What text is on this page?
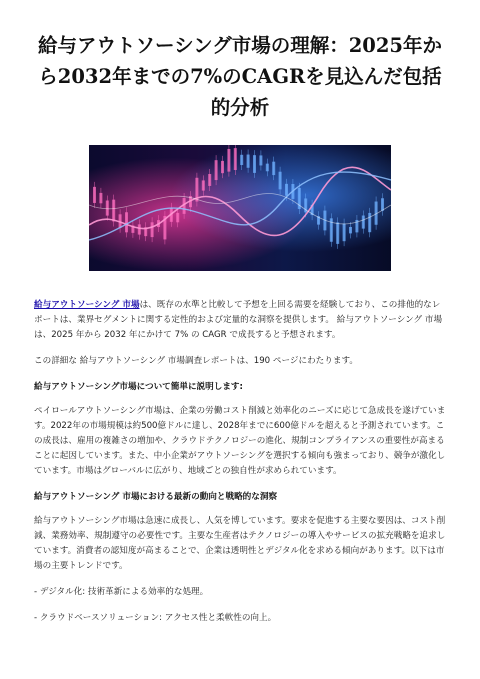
給与アウトソーシング市場の理解：2025年から2032年までの7%のCAGRを見込んだ包括的分析

給与アウトソーシング 市場は、既存の水準と比較して予想を上回る需要を経験しており、この排他的なレポートは、業界セグメントに関する定性的および定量的な洞察を提供します。 給与アウトソーシング 市場は、2025 年から 2032 年にかけて 7% の CAGR で成長すると予想されます。

この詳細な 給与アウトソーシング 市場調査レポートは、190 ページにわたります。

給与アウトソーシング市場について簡単に説明します:

ペイロールアウトソーシング市場は、企業の労働コスト削減と効率化のニーズに応じて急成長を遂げています。2022年の市場規模は約500億ドルに達し、2028年までに600億ドルを超えると予測されています。この成長は、雇用の複雑さの増加や、クラウドテクノロジーの進化、規制コンプライアンスの重要性が高まることに起因しています。また、中小企業がアウトソーシングを選択する傾向も強まっており、競争が激化しています。市場はグローバルに広がり、地域ごとの独自性が求められています。

給与アウトソーシング 市場における最新の動向と戦略的な洞察

給与アウトソーシング市場は急速に成長し、人気を博しています。要求を促進する主要な要因は、コスト削減、業務効率、規制遵守の必要性です。主要な生産者はテクノロジーの導入やサービスの拡充戦略を追求しています。消費者の認知度が高まることで、企業は透明性とデジタル化を求める傾向があります。以下は市場の主要トレンドです。

- デジタル化: 技術革新による効率的な処理。

- クラウドベースソリューション: アクセス性と柔軟性の向上。
